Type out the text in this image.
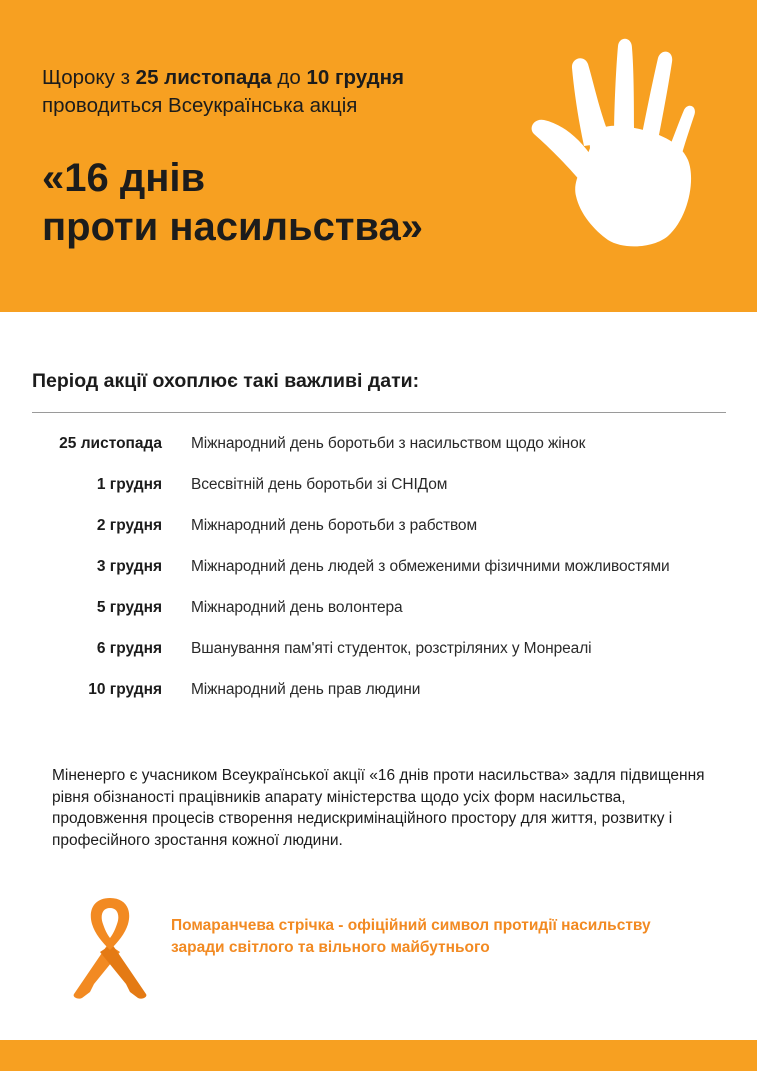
Щороку з 25 листопада до 10 грудня
проводиться Всеукраїнська акція
«16 днів
проти насильства»
Період акції охоплює такі важливі дати:
25 листопада Міжнародний день боротьби з насильством щодо жінок
1 грудня Всесвітній день боротьби зі СНІДом
2 грудня Міжнародний день боротьби з рабством
3 грудня Міжнародний день людей з обмеженими фізичними можливостями
5 грудня Міжнародний день волонтера
6 грудня Вшанування пам'яті студенток, розстріляних у Монреалі
10 грудня Міжнародний день прав людини
Міненерго є учасником Всеукраїнської акції «16 днів проти насильства» задля підвищення рівня обізнаності працівників апарату міністерства щодо усіх форм насильства, продовження процесів створення недискримінаційного простору для життя, розвитку і професійного зростання кожної людини.
Помаранчева стрічка - офіційний символ протидії насильству
заради світлого та вільного майбутнього
